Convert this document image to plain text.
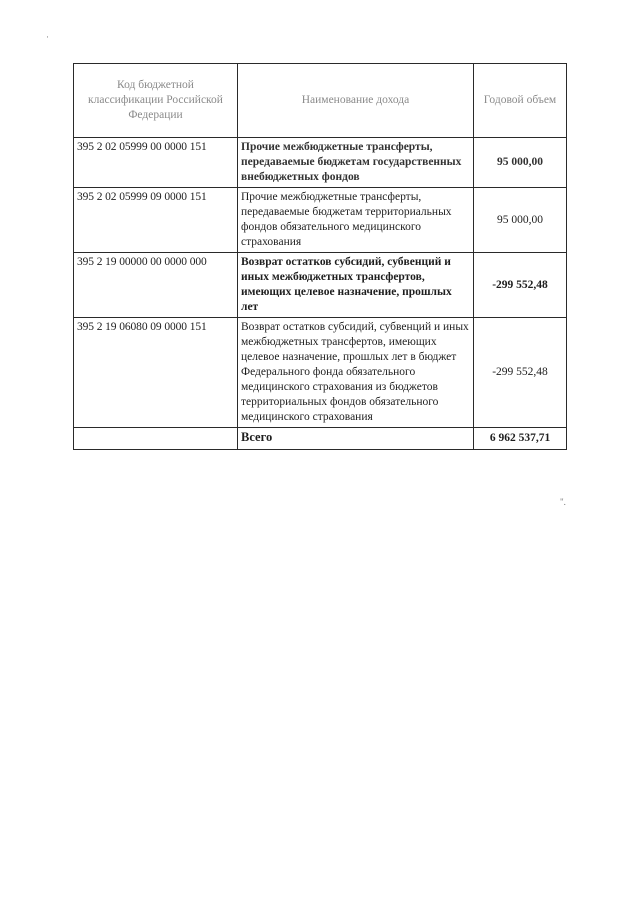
·
Код бюджетной классификации Российской Федерации	Наименование дохода	Годовой объем
395 2 02 05999 00 0000 151	Прочие межбюджетные трансферты, передаваемые бюджетам государственных внебюджетных фондов	95 000,00
395 2 02 05999 09 0000 151	Прочие межбюджетные трансферты, передаваемые бюджетам территориальных фондов обязательного медицинского страхования	95 000,00
395 2 19 00000 00 0000 000	Возврат остатков субсидий, субвенций и иных межбюджетных трансфертов, имеющих целевое назначение, прошлых лет	-299 552,48
395 2 19 06080 09 0000 151	Возврат остатков субсидий, субвенций и иных межбюджетных трансфертов, имеющих целевое назначение, прошлых лет в бюджет Федерального фонда обязательного медицинского страхования из бюджетов территориальных фондов обязательного медицинского страхования	-299 552,48
	Всего	6 962 537,71
".
